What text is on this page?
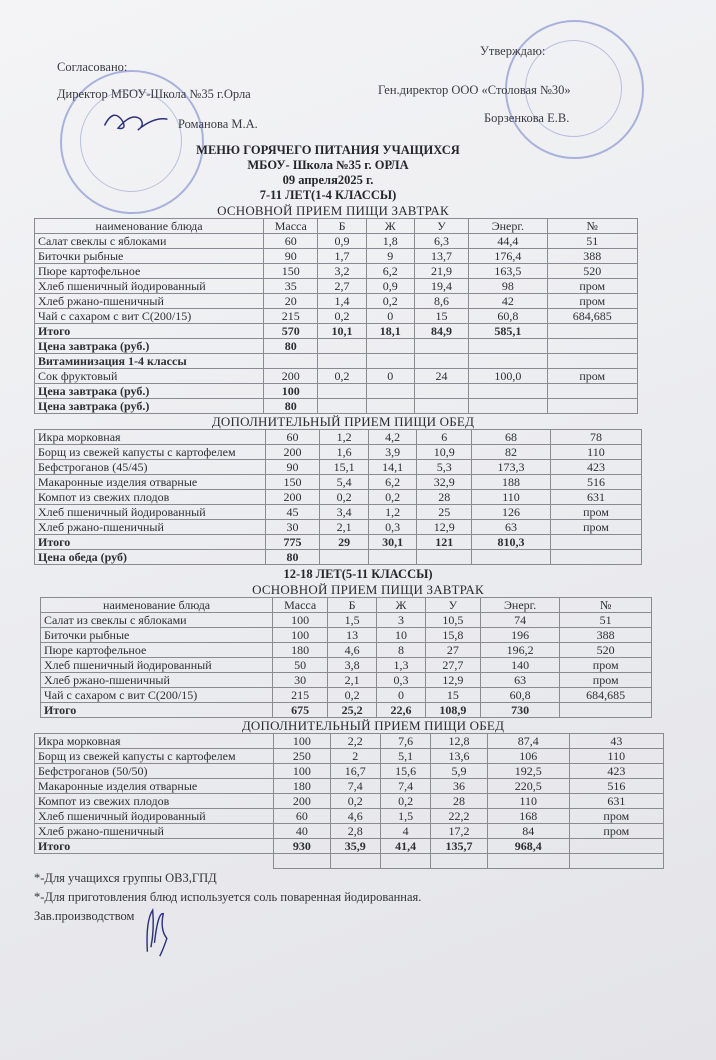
Согласовано:
Директор МБОУ-Школа №35 г.Орла
Романова М.А.
Утверждаю:
Ген.директор ООО «Столовая №30»
Борзенкова Е.В.
МЕНЮ ГОРЯЧЕГО ПИТАНИЯ УЧАЩИХСЯ
МБОУ- Школа №35 г. ОРЛА
09 апреля2025 г.
7-11 ЛЕТ(1-4 КЛАССЫ)
ОСНОВНОЙ ПРИЕМ ПИЩИ ЗАВТРАК
наименование блюда	Масса	Б	Ж	У	Энерг.	№
Салат свеклы с яблоками	60	0,9	1,8	6,3	44,4	51
Биточки рыбные	90	1,7	9	13,7	176,4	388
Пюре картофельное	150	3,2	6,2	21,9	163,5	520
Хлеб пшеничный йодированный	35	2,7	0,9	19,4	98	пром
Хлеб ржано-пшеничный	20	1,4	0,2	8,6	42	пром
Чай с сахаром с вит С(200/15)	215	0,2	0	15	60,8	684,685
Итого	570	10,1	18,1	84,9	585,1	
Цена завтрака (руб.)	80					
Витаминизация 1-4 классы						
Сок фруктовый	200	0,2	0	24	100,0	пром
Цена завтрака (руб.)	100					
Цена завтрака (руб.)	80					
ДОПОЛНИТЕЛЬНЫЙ ПРИЕМ ПИЩИ ОБЕД
Икра морковная	60	1,2	4,2	6	68	78
Борщ из свежей капусты с картофелем	200	1,6	3,9	10,9	82	110
Бефстроганов (45/45)	90	15,1	14,1	5,3	173,3	423
Макаронные изделия отварные	150	5,4	6,2	32,9	188	516
Компот из свежих плодов	200	0,2	0,2	28	110	631
Хлеб пшеничный йодированный	45	3,4	1,2	25	126	пром
Хлеб ржано-пшеничный	30	2,1	0,3	12,9	63	пром
Итого	775	29	30,1	121	810,3	
Цена обеда (руб)	80					
12-18 ЛЕТ(5-11 КЛАССЫ)
ОСНОВНОЙ ПРИЕМ ПИЩИ ЗАВТРАК
наименование блюда	Масса	Б	Ж	У	Энерг.	№
Салат из свеклы с яблоками	100	1,5	3	10,5	74	51
Биточки рыбные	100	13	10	15,8	196	388
Пюре картофельное	180	4,6	8	27	196,2	520
Хлеб пшеничный йодированный	50	3,8	1,3	27,7	140	пром
Хлеб ржано-пшеничный	30	2,1	0,3	12,9	63	пром
Чай с сахаром с вит С(200/15)	215	0,2	0	15	60,8	684,685
Итого	675	25,2	22,6	108,9	730	
ДОПОЛНИТЕЛЬНЫЙ ПРИЕМ ПИЩИ ОБЕД
Икра морковная	100	2,2	7,6	12,8	87,4	43
Борщ из свежей капусты с картофелем	250	2	5,1	13,6	106	110
Бефстроганов (50/50)	100	16,7	15,6	5,9	192,5	423
Макаронные изделия отварные	180	7,4	7,4	36	220,5	516
Компот из свежих плодов	200	0,2	0,2	28	110	631
Хлеб пшеничный йодированный	60	4,6	1,5	22,2	168	пром
Хлеб ржано-пшеничный	40	2,8	4	17,2	84	пром
Итого	930	35,9	41,4	135,7	968,4	

*-Для учащихся группы ОВЗ,ГПД
*-Для приготовления блюд используется соль поваренная йодированная.
Зав.производством
